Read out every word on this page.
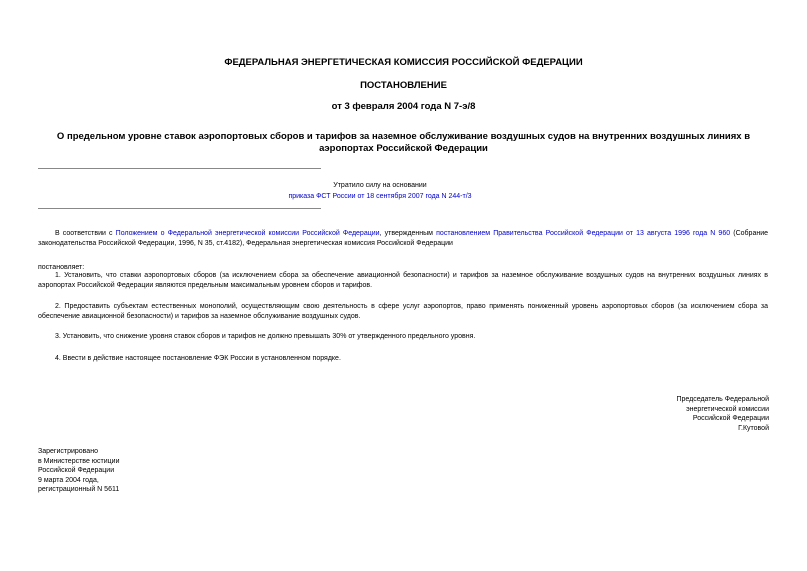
ФЕДЕРАЛЬНАЯ ЭНЕРГЕТИЧЕСКАЯ КОМИССИЯ РОССИЙСКОЙ ФЕДЕРАЦИИ
ПОСТАНОВЛЕНИЕ
от 3 февраля 2004 года N 7-э/8
О предельном уровне ставок аэропортовых сборов и тарифов за наземное обслуживание воздушных судов на внутренних воздушных линиях в аэропортах Российской Федерации
Утратило силу на основании
приказа ФСТ России от 18 сентября 2007 года N 244-т/3
В соответствии с Положением о Федеральной энергетической комиссии Российской Федерации, утвержденным постановлением Правительства Российской Федерации от 13 августа 1996 года N 960 (Собрание законодательства Российской Федерации, 1996, N 35, ст.4182), Федеральная энергетическая комиссия Российской Федерации
постановляет:
1. Установить, что ставки аэропортовых сборов (за исключением сбора за обеспечение авиационной безопасности) и тарифов за наземное обслуживание воздушных судов на внутренних воздушных линиях в аэропортах Российской Федерации являются предельным максимальным уровнем сборов и тарифов.
2. Предоставить субъектам естественных монополий, осуществляющим свою деятельность в сфере услуг аэропортов, право применять пониженный уровень аэропортовых сборов (за исключением сбора за обеспечение авиационной безопасности) и тарифов за наземное обслуживание воздушных судов.
3. Установить, что снижение уровня ставок сборов и тарифов не должно превышать 30% от утвержденного предельного уровня.
4. Ввести в действие настоящее постановление ФЭК России в установленном порядке.
Председатель Федеральной
энергетической комиссии
Российской Федерации
Г.Кутовой
Зарегистрировано
в Министерстве юстиции
Российской Федерации
9 марта 2004 года,
регистрационный N 5611
